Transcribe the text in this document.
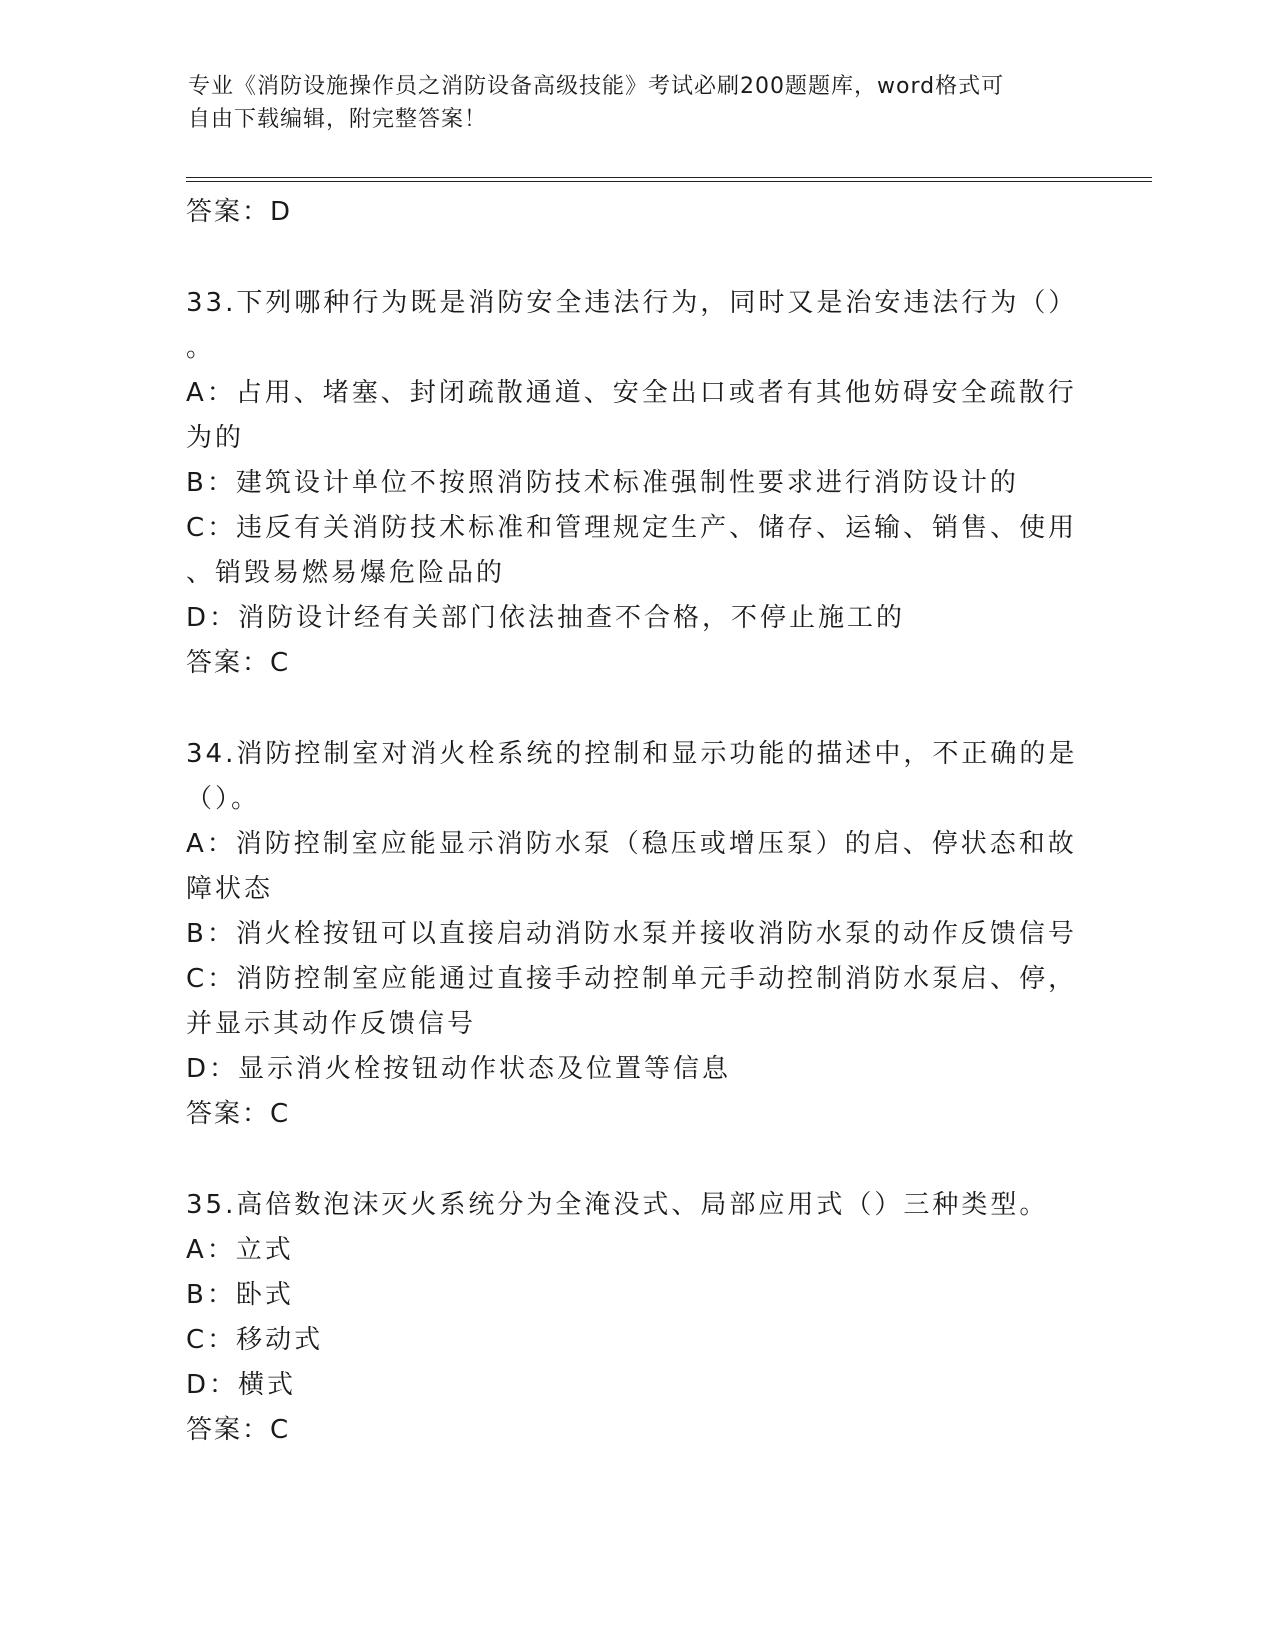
专业《消防设施操作员之消防设备高级技能》考试必刷200题题库，word格式可
自由下载编辑，附完整答案！
答案：D
33.下列哪种行为既是消防安全违法行为，同时又是治安违法行为（）
。
A：占用、堵塞、封闭疏散通道、安全出口或者有其他妨碍安全疏散行
为的
B：建筑设计单位不按照消防技术标准强制性要求进行消防设计的
C：违反有关消防技术标准和管理规定生产、储存、运输、销售、使用
、销毁易燃易爆危险品的
D：消防设计经有关部门依法抽查不合格，不停止施工的
答案：C
34.消防控制室对消火栓系统的控制和显示功能的描述中，不正确的是
（）。
A：消防控制室应能显示消防水泵（稳压或增压泵）的启、停状态和故
障状态
B：消火栓按钮可以直接启动消防水泵并接收消防水泵的动作反馈信号
C：消防控制室应能通过直接手动控制单元手动控制消防水泵启、停，
并显示其动作反馈信号
D：显示消火栓按钮动作状态及位置等信息
答案：C
35.高倍数泡沫灭火系统分为全淹没式、局部应用式（）三种类型。
A：立式
B：卧式
C：移动式
D：横式
答案：C
